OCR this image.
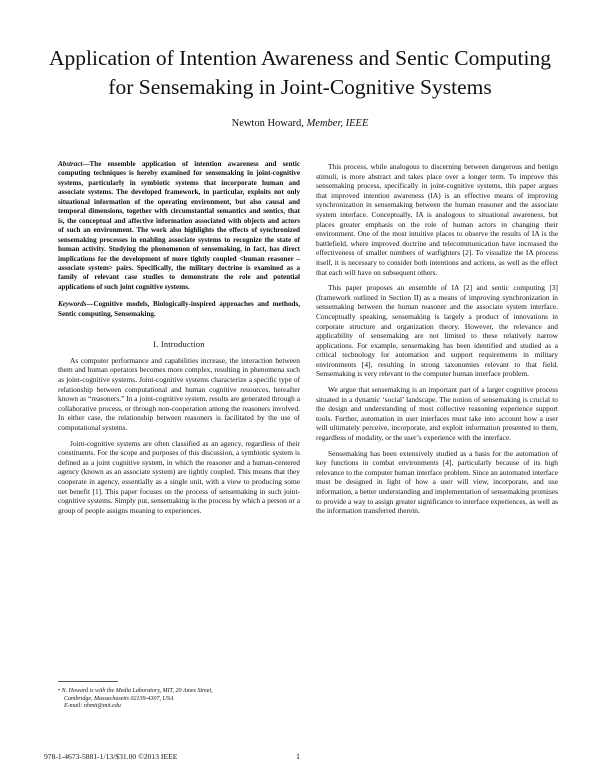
Application of Intention Awareness and Sentic Computing
for Sensemaking in Joint-Cognitive Systems
Newton Howard, Member, IEEE
Abstract—The ensemble application of intention awareness and sentic computing techniques is hereby examined for sensemaking in joint-cognitive systems, particularly in symbiotic systems that incorporate human and associate systems. The developed framework, in particular, exploits not only situational information of the operating environment, but also causal and temporal dimensions, together with circumstantial semantics and sentics, that is, the conceptual and affective information associated with objects and actors of such an environment. The work also highlights the effects of synchronized sensemaking processes in enabling associate systems to recognize the state of human activity. Studying the phenomenon of sensemaking, in fact, has direct implications for the development of more tightly coupled <human reasoner – associate system> pairs. Specifically, the military doctrine is examined as a family of relevant case studies to demonstrate the role and potential applications of such joint cognitive systems.
Keywords—Cognitive models, Biologically-inspired approaches and methods, Sentic computing, Sensemaking.
I. Introduction

As computer performance and capabilities increase, the interaction between them and human operators becomes more complex, resulting in phenomena such as joint-cognitive systems. Joint-cognitive systems characterize a specific type of relationship between computational and human cognitive resources, hereafter known as “reasoners.” In a joint-cognitive system, results are generated through a collaborative process, or through non-cooperation among the reasoners involved. In either case, the relationship between reasoners is facilitated by the use of computational systems.

Joint-cognitive systems are often classified as an agency, regardless of their constituents. For the scope and purposes of this discussion, a symbiotic system is defined as a joint cognitive system, in which the reasoner and a human-centered agency (known as an associate system) are tightly coupled. This means that they cooperate in agency, essentially as a single unit, with a view to producing some net benefit [1]. This paper focuses on the process of sensemaking in such joint-cognitive systems. Simply put, sensemaking is the process by which a person or a group of people assigns meaning to experiences.

This process, while analogous to discerning between dangerous and benign stimuli, is more abstract and takes place over a longer term. To improve this sensemaking process, specifically in joint-cognitive systems, this paper argues that improved intention awareness (IA) is an effective means of improving synchronization in sensemaking between the human reasoner and the associate system interface. Conceptually, IA is analogous to situational awareness, but places greater emphasis on the role of human actors in changing their environment. One of the most intuitive places to observe the results of IA is the battlefield, where improved doctrine and telecommunication have increased the effectiveness of smaller numbers of warfighters [2]. To visualize the IA process itself, it is necessary to consider both intentions and actions, as well as the effect that each will have on subsequent others.

This paper proposes an ensemble of IA [2] and sentic computing [3] (framework outlined in Section II) as a means of improving synchronization in sensemaking between the human reasoner and the associate system interface. Conceptually speaking, sensemaking is largely a product of innovations in corporate structure and organization theory. However, the relevance and applicability of sensemaking are not limited to these relatively narrow applications. For example, sensemaking has been identified and studied as a critical technology for automation and support requirements in military environments [4], resulting in strong taxonomies relevant to that field. Sensemaking is very relevant to the computer human interface problem.

We argue that sensemaking is an important part of a larger cognitive process situated in a dynamic ‘social’ landscape. The notion of sensemaking is crucial to the design and understanding of most collective reasoning experience support tools. Further, automation in user interfaces must take into account how a user will ultimately perceive, incorporate, and exploit information presented to them, regardless of modality, or the user’s experience with the interface.

Sensemaking has been extensively studied as a basis for the automation of key functions in combat environments [4], particularly because of its high relevance to the computer human interface problem. Since an automated interface must be designed in light of how a user will view, incorporate, and use information, a better understanding and implementation of sensemaking promises to provide a way to assign greater significance to interface experiences, as well as the information transferred therein.

• N. Howard is with the Media Laboratory, MIT, 20 Ames Street,
Cambridge, Massachusetts 02139-4307, USA
E-mail: nhmit@mit.edu
978-1-4673-5881-1/13/$31.00 ©2013 IEEE	1
